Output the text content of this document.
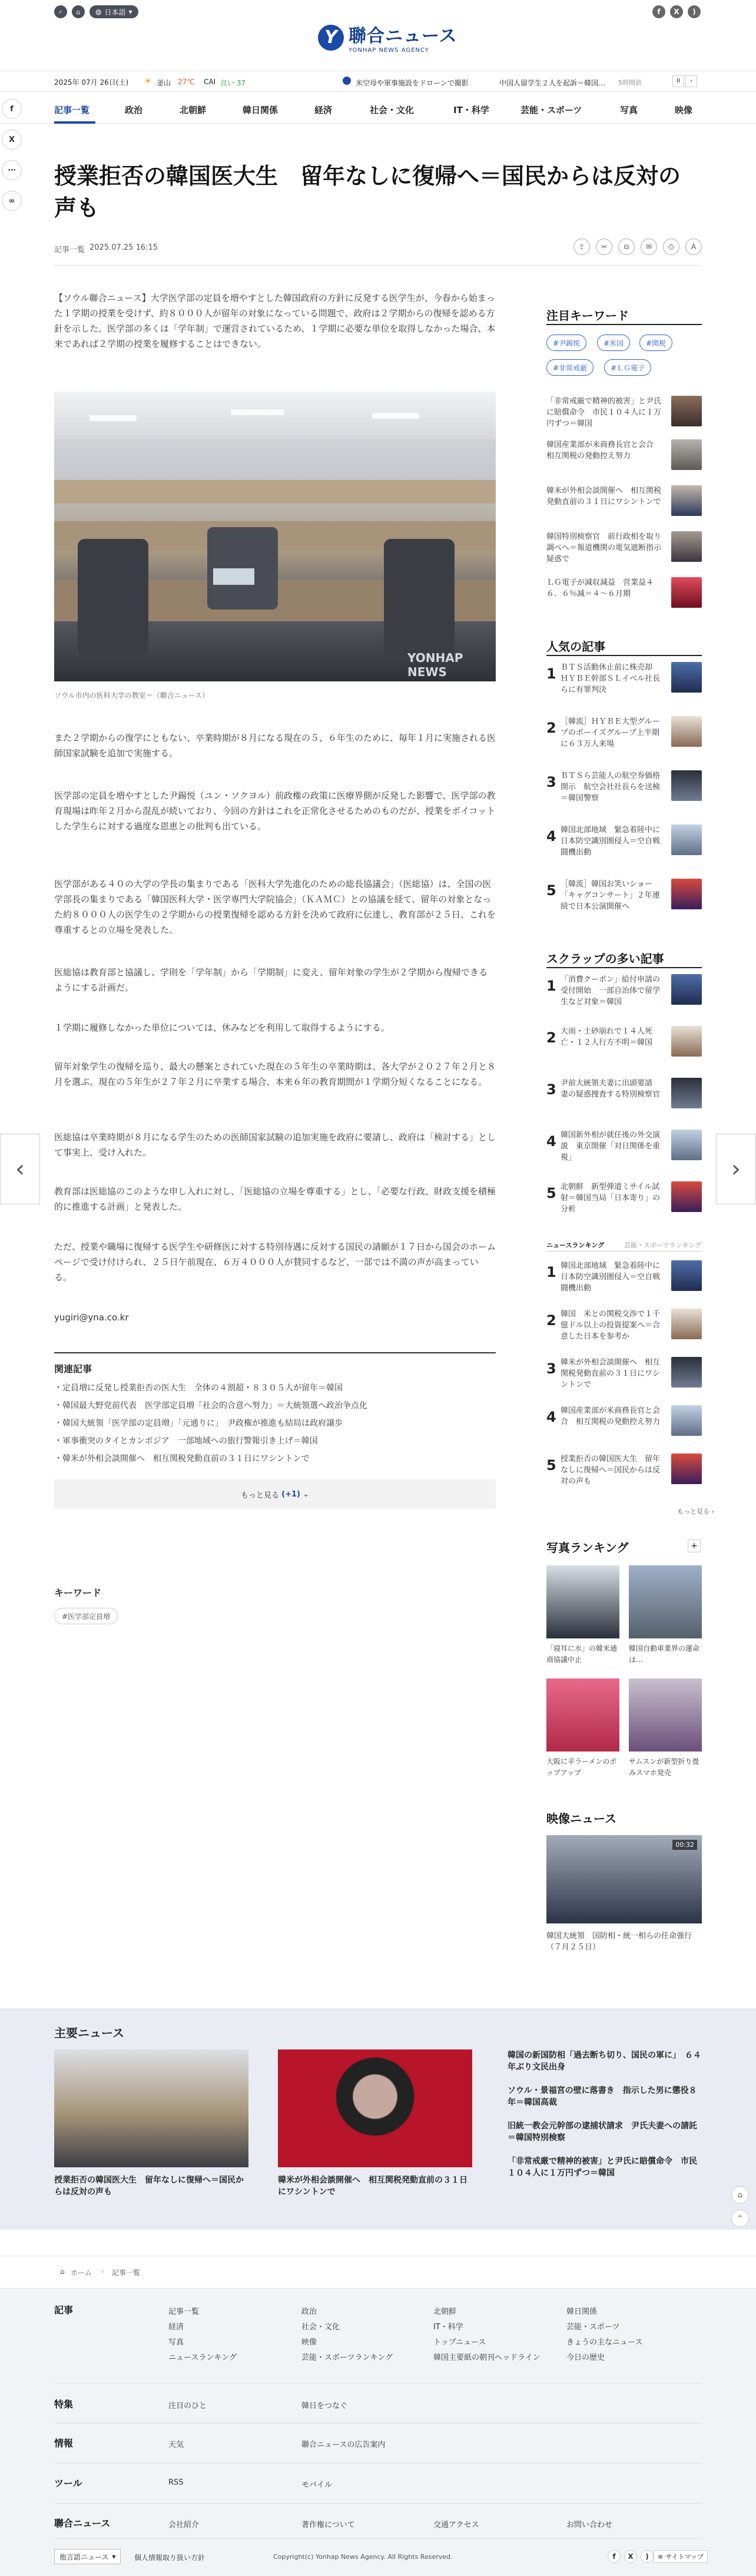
⌕	⌂	◍ 日本語 ▾	f	X	)
Y 聯合ニュース
YONHAP NEWS AGENCY
2025年 07月 26日(土) ☀ 釜山 27℃ CAI 良い 37	米空母や軍事施設をドローンで撮影	中国人留学生２人を起訴＝韓国… 5時間前	II	›
記事一覧	政治	北朝鮮	韓日関係	経済	社会・文化	IT・科学	芸能・スポーツ	写真	映像
f
X
⋯
∞
授業拒否の韓国医大生　留年なしに復帰へ＝国民からは反対の声も
記事一覧 2025.07.25 16:15	⇪	✂	⧉	✉	⎙	A

【ソウル聯合ニュース】大学医学部の定員を増やすとした韓国政府の方針に反発する医学生が、今春から始まった１学期の授業を受けず、約８０００人が留年の対象になっている問題で、政府は２学期からの復帰を認める方針を示した。医学部の多くは「学年制」で運営されているため、１学期に必要な単位を取得しなかった場合、本来であれば２学期の授業を履修することはできない。

YONHAP NEWS
ソウル市内の医科大学の教室＝（聯合ニュース）

また２学期からの復学にともない、卒業時期が８月になる現在の５、６年生のために、毎年１月に実施される医師国家試験を追加で実施する。

医学部の定員を増やすとした尹錫悦（ユン・ソクヨル）前政権の政策に医療界側が反発した影響で、医学部の教育現場は昨年２月から混乱が続いており、今回の方針はこれを正常化させるためのものだが、授業をボイコットした学生らに対する過度な恩恵との批判も出ている。

医学部がある４０の大学の学長の集まりである「医科大学先進化のための総長協議会」（医総協）は、全国の医学部長の集まりである「韓国医科大学・医学専門大学院協会」（ＫＡＭＣ）との協議を経て、留年の対象となった約８０００人の医学生の２学期からの授業復帰を認める方針を決めて政府に伝達し、教育部が２５日、これを尊重するとの立場を発表した。

医総協は教育部と協議し、学則を「学年制」から「学期制」に変え、留年対象の学生が２学期から復帰できるようにする計画だ。

１学期に履修しなかった単位については、休みなどを利用して取得するようにする。

留年対象学生の復帰を巡り、最大の懸案とされていた現在の５年生の卒業時期は、各大学が２０２７年２月と８月を選ぶ。現在の５年生が２７年２月に卒業する場合、本来６年の教育期間が１学期分短くなることになる。

医総協は卒業時期が８月になる学生のための医師国家試験の追加実施を政府に要請し、政府は「検討する」として事実上、受け入れた。

教育部は医総協のこのような申し入れに対し、「医総協の立場を尊重する」とし、「必要な行政、財政支援を積極的に推進する計画」と発表した。

ただ、授業や職場に復帰する医学生や研修医に対する特別待遇に反対する国民の請願が１７日から国会のホームページで受け付けられ、２５日午前現在、６万４０００人が賛同するなど、一部では不満の声が高まっている。

yugiri@yna.co.kr

関連記事
・定員増に反発し授業拒否の医大生　全体の４割超・８３０５人が留年＝韓国
・韓国最大野党前代表　医学部定員増「社会的合意へ努力」＝大統領選へ政治争点化
・韓国大統領「医学部の定員増」「元通りに」　尹政権が推進も結局は政府譲歩
・軍事衝突のタイとカンボジア　一部地域への旅行警報引き上げ＝韓国
・韓米が外相会談開催へ　相互関税発動直前の３１日にワシントンで
もっと見る
(+1)
⌄
キーワード
#医学部定員増
注目キーワード
#尹錫悦	#米国	#関税
#非常戒厳	#ＬＧ電子
「非常戒厳で精神的被害」と尹氏に賠償命令　市民１０４人に１万円ずつ＝韓国
韓国産業部が米商務長官と会合　相互関税の発動控え努力
韓米が外相会談開催へ　相互関税発動直前の３１日にワシントンで
韓国特別検察官　前行政相を取り調べへ＝報道機関の電気遮断指示疑惑で
ＬＧ電子が減収減益　営業益４６．６％減＝４〜６月期
人気の記事
1 ＢＴＳ活動休止前に株売却　ＨＹＢＥ幹部ＳＬイベル社長らに有罪判決
2 ［韓流］ＨＹＢＥ大型グループのボーイズグループ上半期に６３万人来場
3 ＢＴＳら芸能人の航空券価格開示　航空会社社長らを送検＝韓国警察
4 韓国北部地域　緊急着陸中に日本防空識別圏侵入＝空自戦闘機出動
5 ［韓流］韓国お笑いショー「キャグコンサート」２年連続で日本公演開催へ
スクラップの多い記事
1 「消費クーポン」給付申請の受付開始　一部自治体で留学生など対象＝韓国
2 大雨・土砂崩れで１４人死亡・１２人行方不明＝韓国
3 尹前大統領夫妻に出頭要請　妻の疑惑捜査する特別検察官
4 韓国新外相が就任後の外交演説　東京開催「対日関係を重視」
5 北朝鮮　新型弾道ミサイル試射＝韓国当局「日本寄り」の分析
ニュースランキング	芸能・スポーツランキング
1 韓国北部地域　緊急着陸中に日本防空識別圏侵入＝空自戦闘機出動
2 韓国　米との関税交渉で１千億ドル以上の投資提案へ＝合意した日本を参考か
3 韓米が外相会談開催へ　相互関税発動直前の３１日にワシントンで
4 韓国産業部が米商務長官と会合　相互関税の発動控え努力
5 授業拒否の韓国医大生　留年なしに復帰へ＝国民からは反対の声も
もっと見る ›
写真ランキング	+
「寝耳に水」の韓米通商協議中止
韓国自動車業界の運命は…
大阪に辛ラーメンのポップアップ
サムスンが新型折り畳みスマホ発売
映像ニュース
00:32
韓国大統領　国防相・統一相らの任命強行（７月２５日）
‹	›
主要ニュース
授業拒否の韓国医大生　留年なしに復帰へ＝国民からは反対の声も
韓米が外相会談開催へ　相互関税発動直前の３１日にワシントンで
韓国の新国防相「過去断ち切り、国民の軍に」　６４年ぶり文民出身
ソウル・景福宮の壁に落書き　指示した男に懲役８年＝韓国高裁
旧統一教会元幹部の逮捕状請求　尹氏夫妻への請託＝韓国特別検察
「非常戒厳で精神的被害」と尹氏に賠償命令　市民１０４人に１万円ずつ＝韓国
⌂
⌃
⌂ ホーム › 記事一覧
記事	記事一覧	政治	北朝鮮	韓日関係
経済	社会・文化	IT・科学	芸能・スポーツ
写真	映像	トップニュース	きょうの主なニュース
ニュースランキング	芸能・スポーツランキング	韓国主要紙の朝刊ヘッドライン	今日の歴史
特集	注目のひと	韓日をつなぐ
情報	天気	聯合ニュースの広告案内
ツール	RSS	モバイル
聯合ニュース	会社紹介	著作権について	交通アクセス	お問い合わせ
他言語ニュース ▾	個人情報取り扱い方針	Copyright(c) Yonhap News Agency. All Rights Reserved.	f	X	)	≡ サイトマップ
